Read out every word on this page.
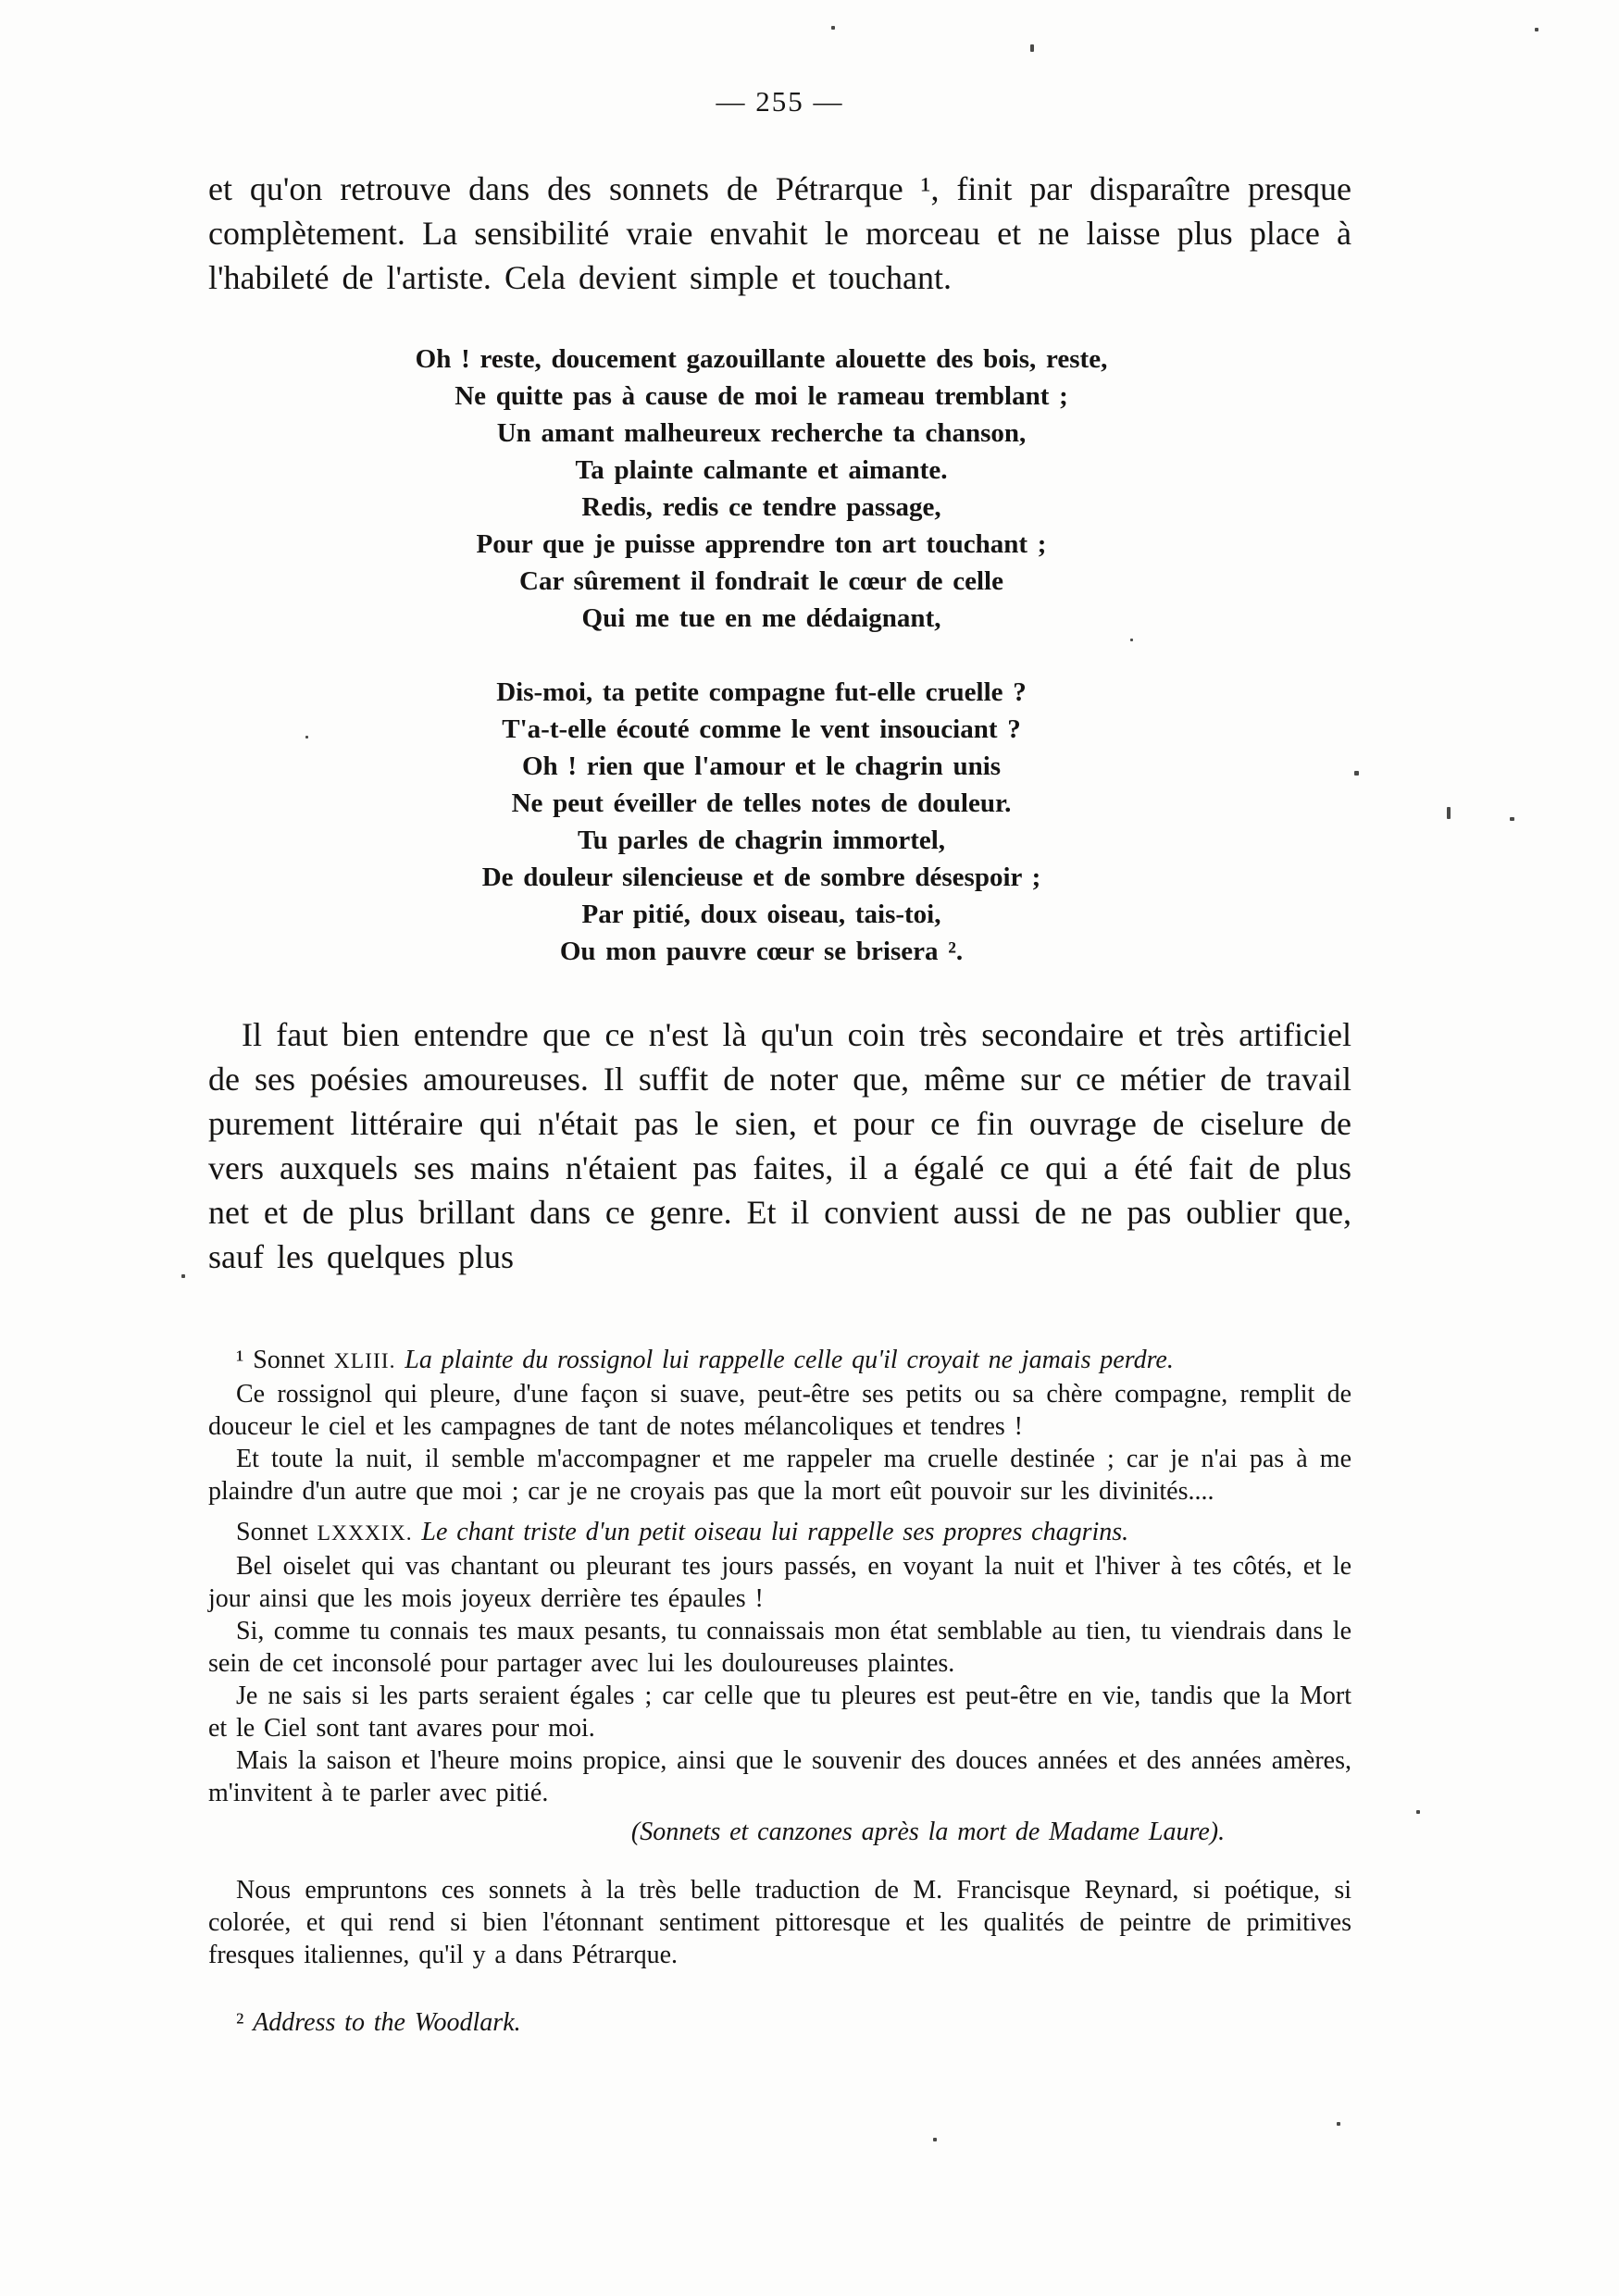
— 255 —
et qu'on retrouve dans des sonnets de Pétrarque ¹, finit par disparaître presque complètement. La sensibilité vraie envahit le morceau et ne laisse plus place à l'habileté de l'artiste. Cela devient simple et touchant.
Oh ! reste, doucement gazouillante alouette des bois, reste,
Ne quitte pas à cause de moi le rameau tremblant ;
Un amant malheureux recherche ta chanson,
Ta plainte calmante et aimante.
Redis, redis ce tendre passage,
Pour que je puisse apprendre ton art touchant ;
Car sûrement il fondrait le cœur de celle
Qui me tue en me dédaignant,
Dis-moi, ta petite compagne fut-elle cruelle ?
T'a-t-elle écouté comme le vent insouciant ?
Oh ! rien que l'amour et le chagrin unis
Ne peut éveiller de telles notes de douleur.
Tu parles de chagrin immortel,
De douleur silencieuse et de sombre désespoir ;
Par pitié, doux oiseau, tais-toi,
Ou mon pauvre cœur se brisera ².
Il faut bien entendre que ce n'est là qu'un coin très secondaire et très artificiel de ses poésies amoureuses. Il suffit de noter que, même sur ce métier de travail purement littéraire qui n'était pas le sien, et pour ce fin ouvrage de ciselure de vers auxquels ses mains n'étaient pas faites, il a égalé ce qui a été fait de plus net et de plus brillant dans ce genre. Et il convient aussi de ne pas oublier que, sauf les quelques plus

¹ Sonnet XLIII. La plainte du rossignol lui rappelle celle qu'il croyait ne jamais perdre.

Ce rossignol qui pleure, d'une façon si suave, peut-être ses petits ou sa chère compagne, remplit de douceur le ciel et les campagnes de tant de notes mélancoliques et tendres !

Et toute la nuit, il semble m'accompagner et me rappeler ma cruelle destinée ; car je n'ai pas à me plaindre d'un autre que moi ; car je ne croyais pas que la mort eût pouvoir sur les divinités....

Sonnet LXXXIX. Le chant triste d'un petit oiseau lui rappelle ses propres chagrins.

Bel oiselet qui vas chantant ou pleurant tes jours passés, en voyant la nuit et l'hiver à tes côtés, et le jour ainsi que les mois joyeux derrière tes épaules !

Si, comme tu connais tes maux pesants, tu connaissais mon état semblable au tien, tu viendrais dans le sein de cet inconsolé pour partager avec lui les douloureuses plaintes.

Je ne sais si les parts seraient égales ; car celle que tu pleures est peut-être en vie, tandis que la Mort et le Ciel sont tant avares pour moi.

Mais la saison et l'heure moins propice, ainsi que le souvenir des douces années et des années amères, m'invitent à te parler avec pitié.

(Sonnets et canzones après la mort de Madame Laure).

Nous empruntons ces sonnets à la très belle traduction de M. Francisque Reynard, si poétique, si colorée, et qui rend si bien l'étonnant sentiment pittoresque et les qualités de peintre de primitives fresques italiennes, qu'il y a dans Pétrarque.

² Address to the Woodlark.
